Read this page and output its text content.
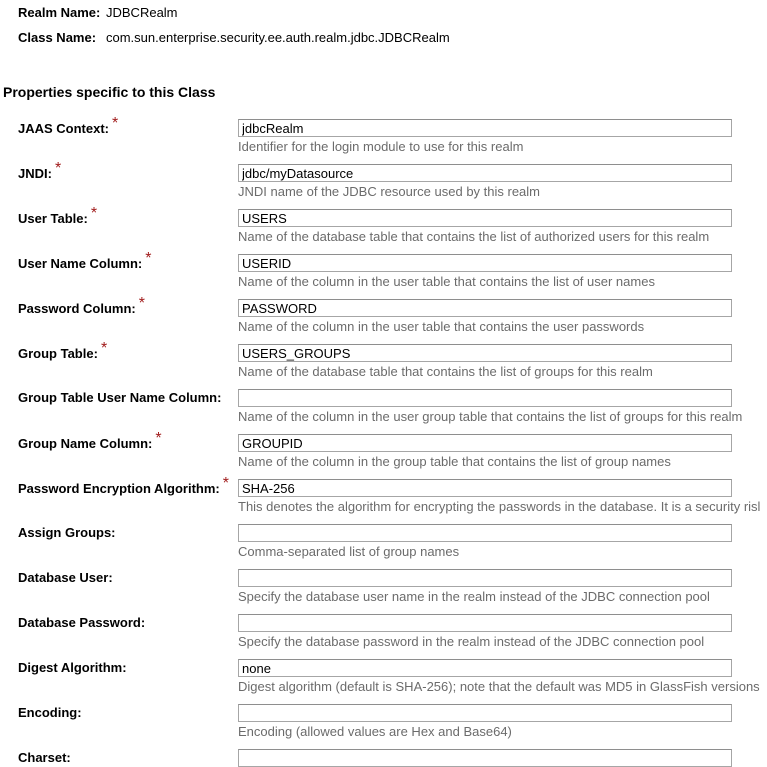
Realm Name: JDBCRealm
Class Name: com.sun.enterprise.security.ee.auth.realm.jdbc.JDBCRealm
Properties specific to this Class
JAAS Context: *
jdbcRealm
Identifier for the login module to use for this realm
JNDI: *
jdbc/myDatasource
JNDI name of the JDBC resource used by this realm
User Table: *
USERS
Name of the database table that contains the list of authorized users for this realm
User Name Column: *
USERID
Name of the column in the user table that contains the list of user names
Password Column: *
PASSWORD
Name of the column in the user table that contains the user passwords
Group Table: *
USERS_GROUPS
Name of the database table that contains the list of groups for this realm
Group Table User Name Column:
Name of the column in the user group table that contains the list of groups for this realm
Group Name Column: *
GROUPID
Name of the column in the group table that contains the list of group names
Password Encryption Algorithm: *
SHA-256
This denotes the algorithm for encrypting the passwords in the database. It is a security risl
Assign Groups:
Comma-separated list of group names
Database User:
Specify the database user name in the realm instead of the JDBC connection pool
Database Password:
Specify the database password in the realm instead of the JDBC connection pool
Digest Algorithm:
none
Digest algorithm (default is SHA-256); note that the default was MD5 in GlassFish versions
Encoding:
Encoding (allowed values are Hex and Base64)
Charset:
